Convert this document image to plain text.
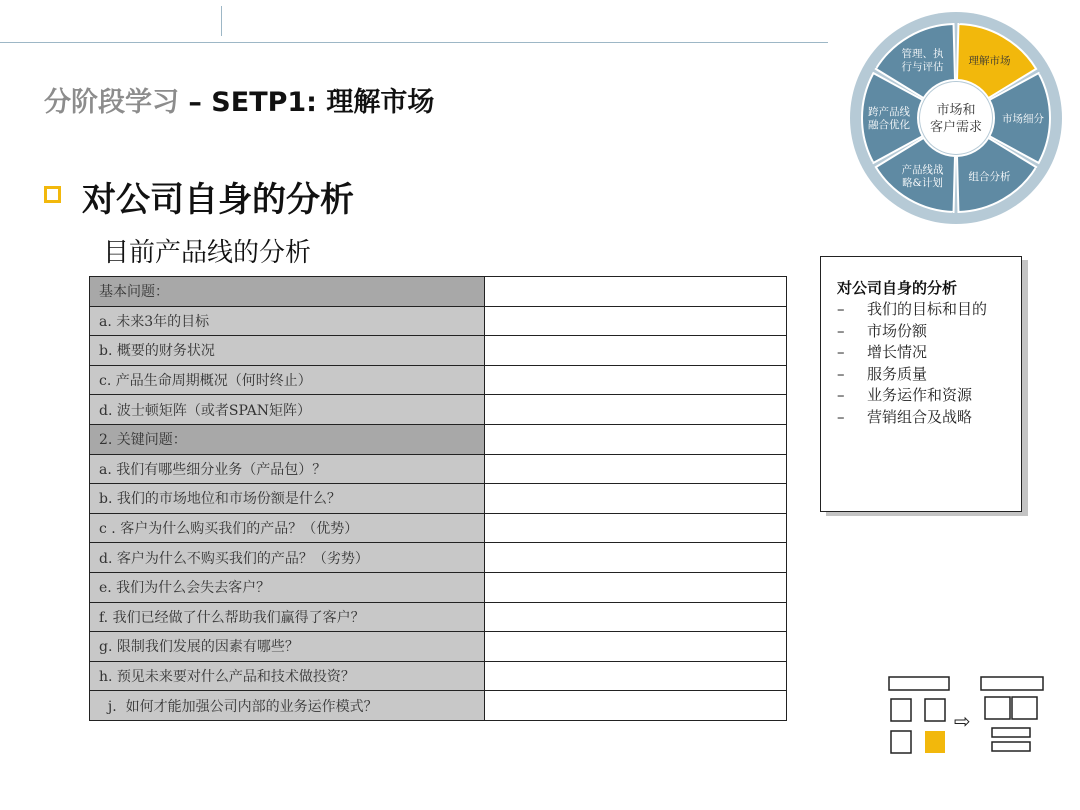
分阶段学习 – SETP1: 理解市场
对公司自身的分析
目前产品线的分析
基本问题：	
a. 未来3年的目标	
b. 概要的财务状况	
c. 产品生命周期概况（何时终止）	
d. 波士顿矩阵（或者SPAN矩阵）	
2. 关键问题：	
a. 我们有哪些细分业务（产品包）？	
b. 我们的市场地位和市场份额是什么？	
c . 客户为什么购买我们的产品？（优势）	
d. 客户为什么不购买我们的产品？（劣势）	
e. 我们为什么会失去客户？	
f. 我们已经做了什么帮助我们赢得了客户？	
g. 限制我们发展的因素有哪些？	
h. 预见未来要对什么产品和技术做投资？	
j.  如何才能加强公司内部的业务运作模式？	
对公司自身的分析
– 我们的目标和目的
– 市场份额
– 增长情况
– 服务质量
– 业务运作和资源
– 营销组合及战略
理解市场
市场细分
组合分析
产品线战
略&计划
跨产品线
融合优化
管理、执
行与评估
市场和
客户需求
⇨
